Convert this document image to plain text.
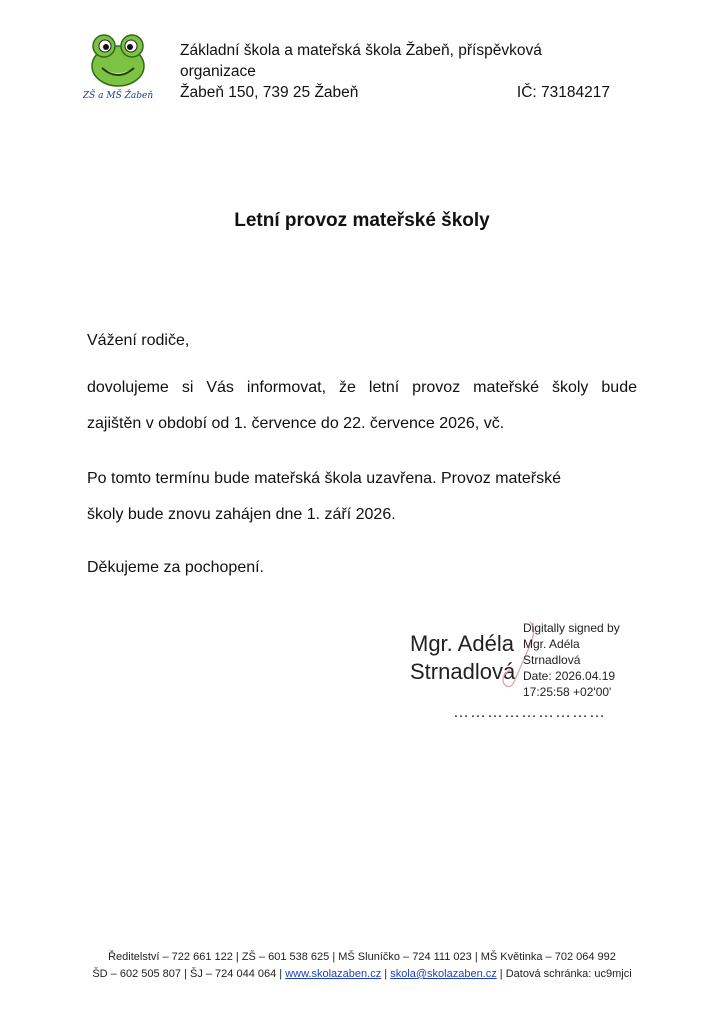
ZŠ a MŠ Žabeň
Základní škola a mateřská škola Žabeň, příspěvková organizace
Žabeň 150, 739 25 Žabeň	IČ: 73184217
Letní provoz mateřské školy
Vážení rodiče,
dovolujeme si Vás informovat, že letní provoz mateřské školy bude
zajištěn v období od 1. července do 22. července 2026, vč.
Po tomto termínu bude mateřská škola uzavřena. Provoz mateřské
školy bude znovu zahájen dne 1. září 2026.
Děkujeme za pochopení.
Mgr. Adéla
Strnadlová
Digitally signed by
Mgr. Adéla
Strnadlová
Date: 2026.04.19
17:25:58 +02'00'
………………………
Ředitelství – 722 661 122 | ZŠ – 601 538 625 | MŠ Sluníčko – 724 111 023 | MŠ Květinka – 702 064 992
ŠD – 602 505 807 | ŠJ – 724 044 064 | www.skolazaben.cz | skola@skolazaben.cz | Datová schránka: uc9mjci
